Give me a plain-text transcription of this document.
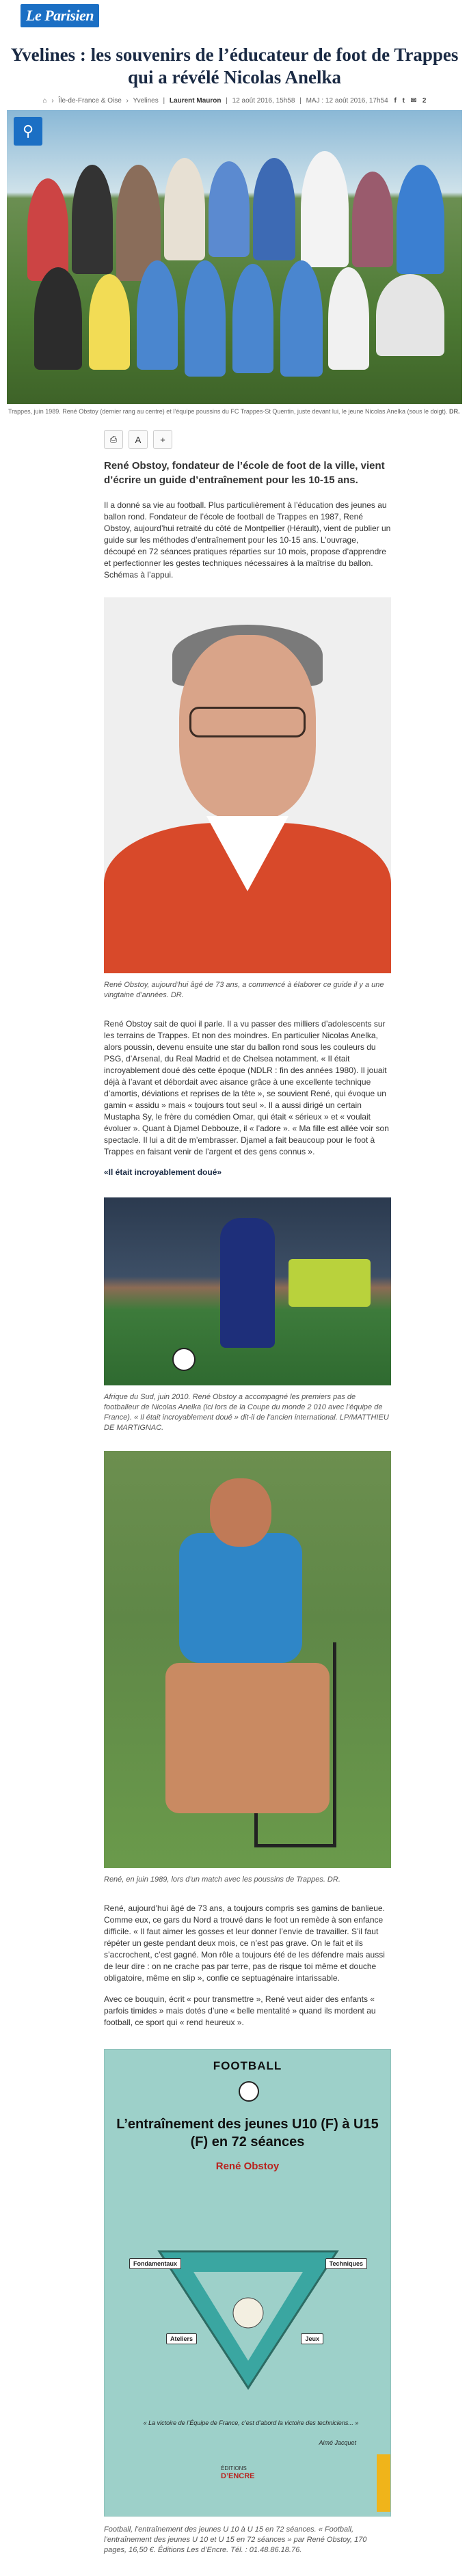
Le Parisien
Yvelines : les souvenirs de l’éducateur de foot de Trappes qui a révélé Nicolas Anelka
⌂ › Île-de-France & Oise › Yvelines | Laurent Mauron | 12 août 2016, 15h58 | MAJ : 12 août 2016, 17h54 f t ✉ 2
⚲
Trappes, juin 1989. René Obstoy (dernier rang au centre) et l’équipe poussins du FC Trappes-St Quentin, juste devant lui, le jeune Nicolas Anelka (sous le doigt). DR.
⎙	A	+

René Obstoy, fondateur de l’école de foot de la ville, vient d’écrire un guide d’entraînement pour les 10-15 ans.

Il a donné sa vie au football. Plus particulièrement à l’éducation des jeunes au ballon rond. Fondateur de l’école de football de Trappes en 1987, René Obstoy, aujourd’hui retraité du côté de Montpellier (Hérault), vient de publier un guide sur les méthodes d’entraînement pour les 10-15 ans. L’ouvrage, découpé en 72 séances pratiques réparties sur 10 mois, propose d’apprendre et perfectionner les gestes techniques nécessaires à la maîtrise du ballon. Schémas à l’appui.

René Obstoy, aujourd’hui âgé de 73 ans, a commencé à élaborer ce guide il y a une vingtaine d’années. DR.

René Obstoy sait de quoi il parle. Il a vu passer des milliers d’adolescents sur les terrains de Trappes. Et non des moindres. En particulier Nicolas Anelka, alors poussin, devenu ensuite une star du ballon rond sous les couleurs du PSG, d’Arsenal, du Real Madrid et de Chelsea notamment. « Il était incroyablement doué dès cette époque (NDLR : fin des années 1980). Il jouait déjà à l’avant et débordait avec aisance grâce à une excellente technique d’amortis, déviations et reprises de la tête », se souvient René, qui évoque un gamin « assidu » mais « toujours tout seul ». Il a aussi dirigé un certain Mustapha Sy, le frère du comédien Omar, qui était « sérieux » et « voulait évoluer ». Quant à Djamel Debbouze, il « l’adore ». « Ma fille est allée voir son spectacle. Il lui a dit de m’embrasser. Djamel a fait beaucoup pour le foot à Trappes en faisant venir de l’argent et des gens connus ».

«Il était incroyablement doué»

Afrique du Sud, juin 2010. René Obstoy a accompagné les premiers pas de footballeur de Nicolas Anelka (ici lors de la Coupe du monde 2 010 avec l’équipe de France). « Il était incroyablement doué » dit-il de l’ancien international. LP/MATTHIEU DE MARTIGNAC.

René, en juin 1989, lors d’un match avec les poussins de Trappes. DR.

René, aujourd’hui âgé de 73 ans, a toujours compris ses gamins de banlieue. Comme eux, ce gars du Nord a trouvé dans le foot un remède à son enfance difficile. « Il faut aimer les gosses et leur donner l’envie de travailler. S’il faut répéter un geste pendant deux mois, ce n’est pas grave. On le fait et ils s’accrochent, c’est gagné. Mon rôle a toujours été de les défendre mais aussi de leur dire : on ne crache pas par terre, pas de risque toi même et douche obligatoire, même en slip », confie ce septuagénaire intarissable.

Avec ce bouquin, écrit « pour transmettre », René veut aider des enfants « parfois timides » mais dotés d’une « belle mentalité » quand ils mordent au football, ce sport qui « rend heureux ».

FOOTBALL
L’entraînement des jeunes U10 (F) à U15 (F) en 72 séances
René Obstoy
Fondamentaux	Techniques
Ateliers	Jeux
« La victoire de l’Équipe de France, c’est d’abord la victoire des techniciens... »
Aimé Jacquet
ÉDITIONS
D’ENCRE

Football, l’entraînement des jeunes U 10 à U 15 en 72 séances. « Football, l’entraînement des jeunes U 10 et U 15 en 72 séances » par René Obstoy, 170 pages, 16,50 €. Éditions Les d’Encre. Tél. : 01.48.86.18.76.
